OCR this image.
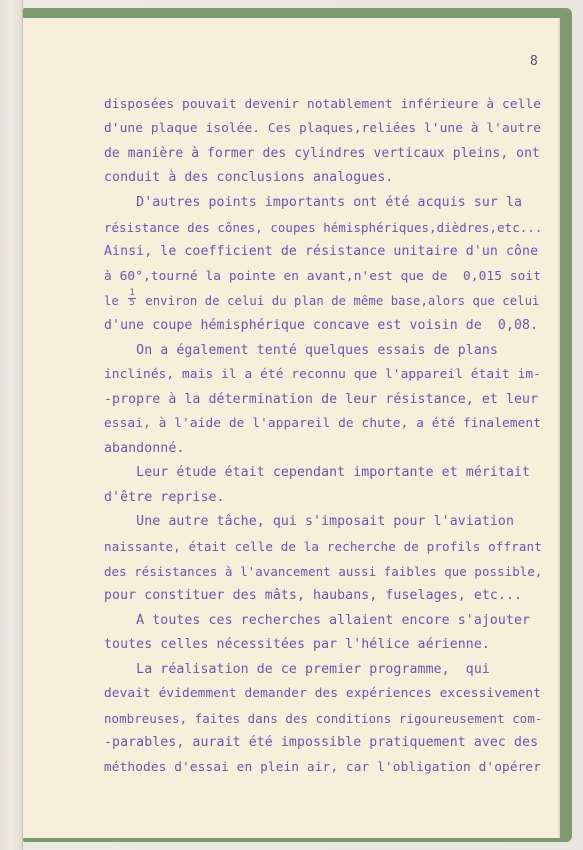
8
disposées pouvait devenir notablement inférieure à celle
d'une plaque isolée. Ces plaques,reliées l'une à l'autre
de manière à former des cylindres verticaux pleins, ont
conduit à des conclusions analogues.
D'autres points importants ont été acquis sur la
résistance des cônes, coupes hémisphériques,dièdres,etc...
Ainsi, le coefficient de résistance unitaire d'un cône
à 60°,tourné la pointe en avant,n'est que de  0,015 soit
le $\frac{1}{5}$ environ de celui du plan de même base,alors que celui
d'une coupe hémisphérique concave est voisin de  0,08.
On a également tenté quelques essais de plans
inclinés, mais il a été reconnu que l'appareil était im-
-propre à la détermination de leur résistance, et leur
essai, à l'aide de l'appareil de chute, a été finalement
abandonné.
Leur étude était cependant importante et méritait
d'être reprise.
Une autre tâche, qui s'imposait pour l'aviation
naissante, était celle de la recherche de profils offrant
des résistances à l'avancement aussi faibles que possible,
pour constituer des mâts, haubans, fuselages, etc...
A toutes ces recherches allaient encore s'ajouter
toutes celles nécessitées par l'hélice aérienne.
La réalisation de ce premier programme,  qui
devait évidemment demander des expériences excessivement
nombreuses, faites dans des conditions rigoureusement com-
-parables, aurait été impossible pratiquement avec des
méthodes d'essai en plein air, car l'obligation d'opérer
